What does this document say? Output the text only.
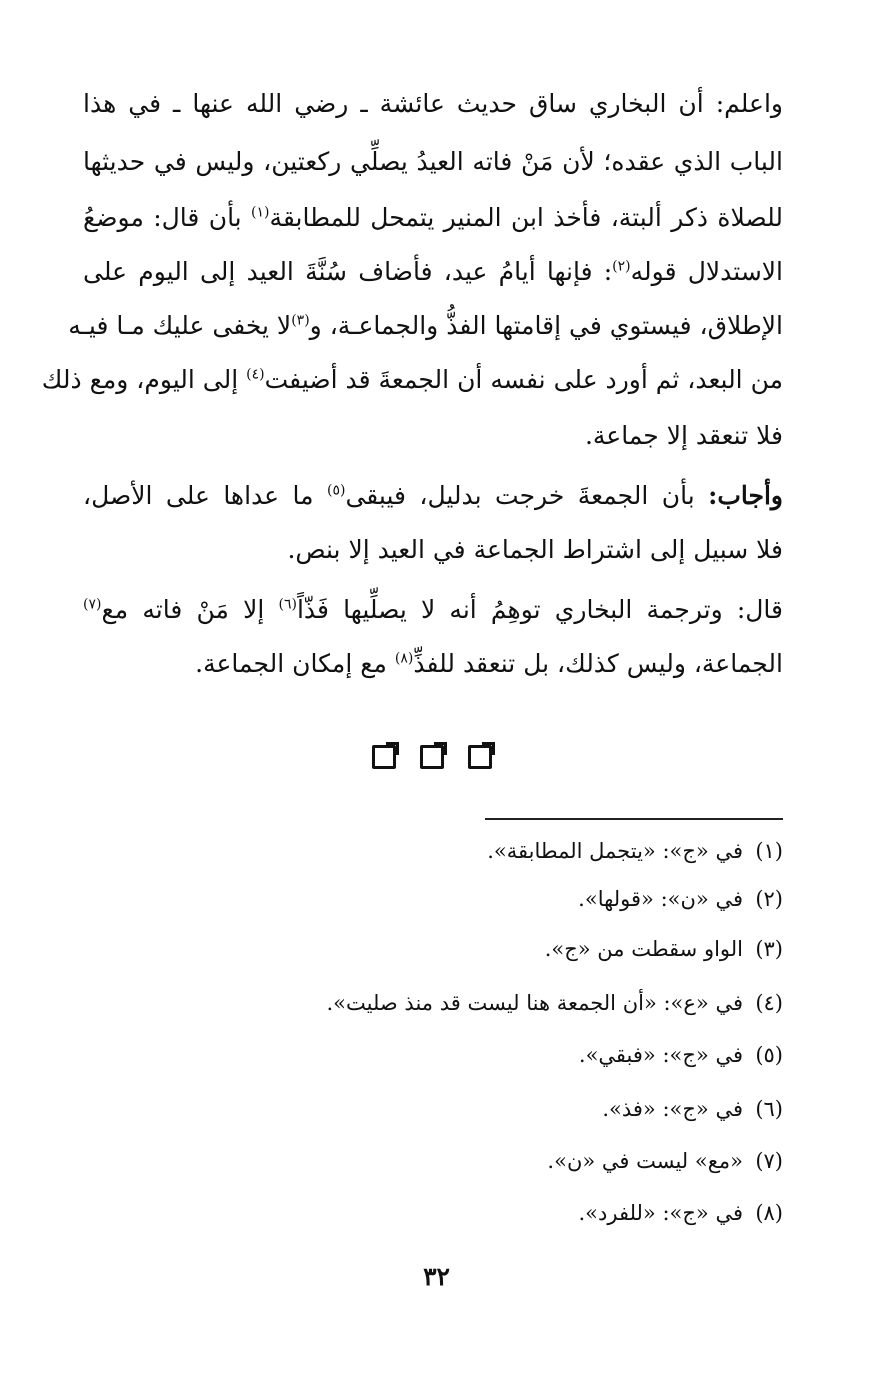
واعلم: أن البخاري ساق حديث عائشة ـ رضي الله عنها ـ في هذا
الباب الذي عقده؛ لأن مَنْ فاته العيدُ يصلِّي ركعتين، وليس في حديثها
للصلاة ذكر ألبتة، فأخذ ابن المنير يتمحل للمطابقة$^{(١)}$ بأن قال: موضعُ
الاستدلال قوله$^{(٢)}$: فإنها أيامُ عيد، فأضاف سُنَّةَ العيد إلى اليوم على
الإطلاق، فيستوي في إقامتها الفذُّ والجماعـة، و$^{(٣)}$لا يخفى عليك مـا فيـه
من البعد، ثم أورد على نفسه أن الجمعةَ قد أضيفت$^{(٤)}$ إلى اليوم، ومع ذلك
فلا تنعقد إلا جماعة.
وأجاب: بأن الجمعةَ خرجت بدليل، فيبقى$^{(٥)}$ ما عداها على الأصل،
فلا سبيل إلى اشتراط الجماعة في العيد إلا بنص.
قال: وترجمة البخاري توهِمُ أنه لا يصلِّيها فَذّاً$^{(٦)}$ إلا مَنْ فاته مع$^{(٧)}$
الجماعة، وليس كذلك، بل تنعقد للفذِّ$^{(٨)}$ مع إمكان الجماعة.
(١)في «ج»: «يتجمل المطابقة».
(٢)في «ن»: «قولها».
(٣)الواو سقطت من «ج».
(٤)في «ع»: «أن الجمعة هنا ليست قد منذ صليت».
(٥)في «ج»: «فبقي».
(٦)في «ج»: «فذ».
(٧)«مع» ليست في «ن».
(٨)في «ج»: «للفرد».
٣٢
